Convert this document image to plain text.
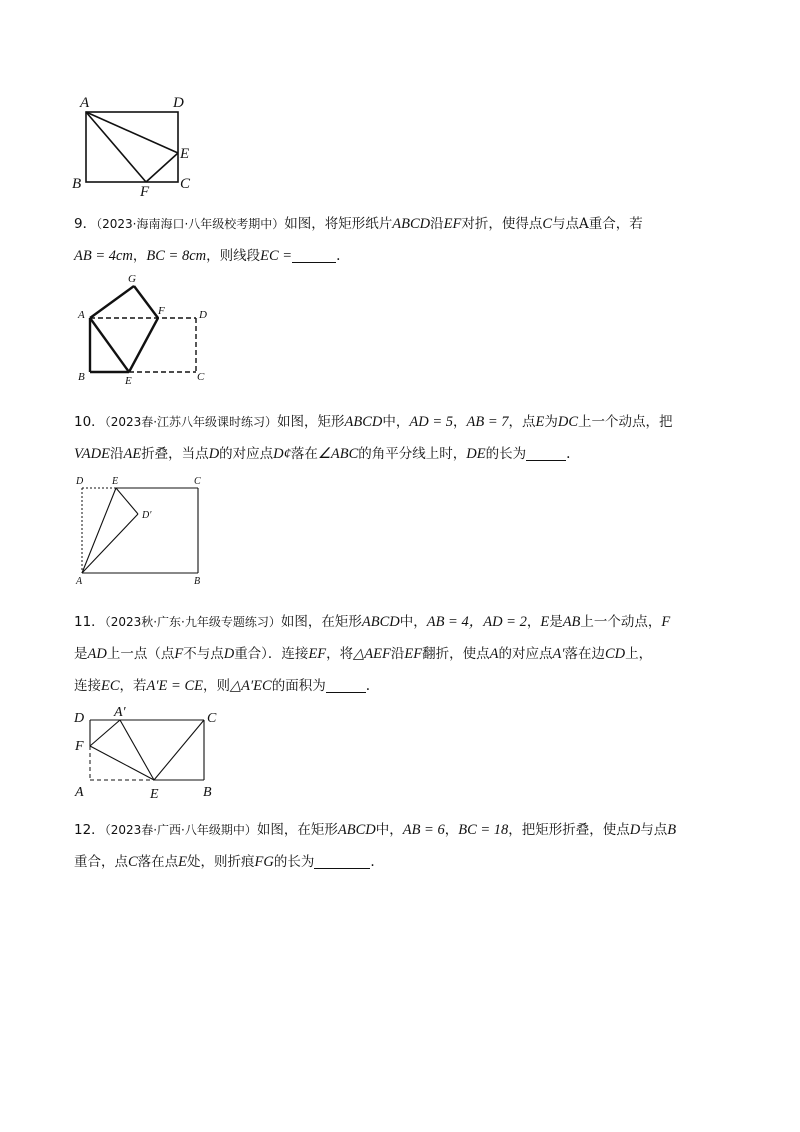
A	D
E
B	F C
9．（2023·海南海口·八年级校考期中）如图，将矩形纸片ABCD沿EF对折，使得点C与点A重合，若
AB = 4cm，BC = 8cm，则线段EC =	.
A
G
F	D
B	E	C
10．（2023春·江苏八年级课时练习）如图，矩形ABCD中，AD = 5，AB = 7，点E为DC上一个动点，把
VADE沿AE折叠，当点D的对应点D¢落在∠ABC的角平分线上时，DE的长为	.
D	E	C
D′
A	B
11．（2023秋·广东·九年级专题练习）如图，在矩形ABCD中，AB = 4，AD = 2，E是AB上一个动点，F
是AD上一点（点F不与点D重合）．连接EF，将△AEF沿EF翻折，使点A的对应点A′落在边CD上，
连接EC，若A′E = CE，则△A′EC的面积为	.
D A′	C
F
A	E	B
12．（2023春·广西·八年级期中）如图，在矩形ABCD中，AB = 6，BC = 18，把矩形折叠，使点D与点B
重合，点C落在点E处，则折痕FG的长为	.
